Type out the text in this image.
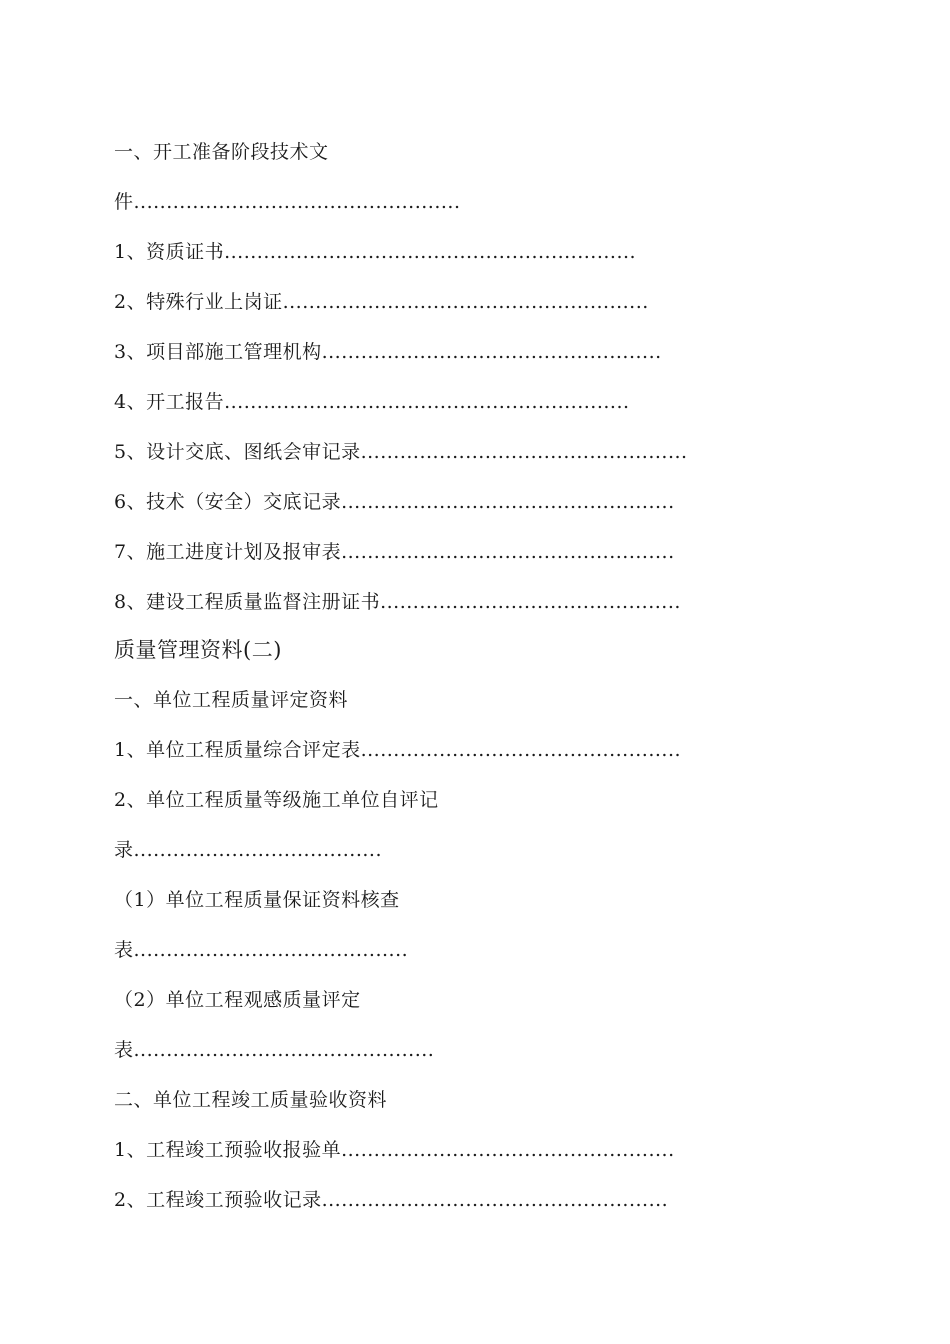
一、开工准备阶段技术文
件..................................................
1、资质证书...............................................................
2、特殊行业上岗证........................................................
3、项目部施工管理机构....................................................
4、开工报告..............................................................
5、设计交底、图纸会审记录..................................................
6、技术（安全）交底记录...................................................
7、施工进度计划及报审表...................................................
8、建设工程质量监督注册证书..............................................
质量管理资料(二)
一、单位工程质量评定资料
1、单位工程质量综合评定表.................................................
2、单位工程质量等级施工单位自评记
录......................................
（1）单位工程质量保证资料核查
表..........................................
（2）单位工程观感质量评定
表..............................................
二、单位工程竣工质量验收资料
1、工程竣工预验收报验单...................................................
2、工程竣工预验收记录.....................................................
